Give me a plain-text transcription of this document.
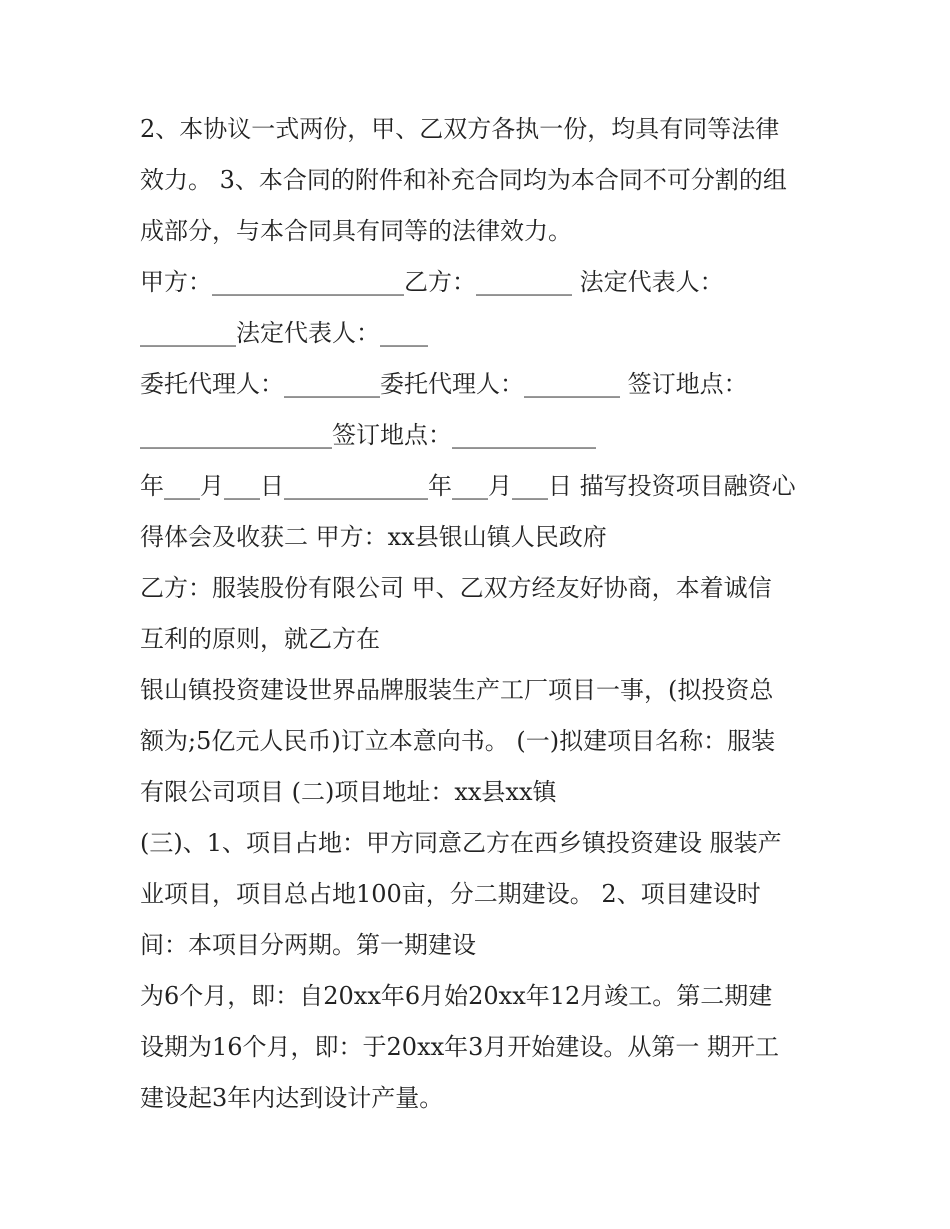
2、本协议一式两份，甲、乙双方各执一份，均具有同等法律
效力。 3、本合同的附件和补充合同均为本合同不可分割的组
成部分，与本合同具有同等的法律效力。
甲方：________________乙方：________ 法定代表人：
________法定代表人：____
委托代理人：________委托代理人：________ 签订地点：
________________签订地点：____________
年___月___日____________年___月___日 描写投资项目融资心
得体会及收获二 甲方：xx县银山镇人民政府
乙方：服装股份有限公司 甲、乙双方经友好协商，本着诚信
互利的原则，就乙方在
银山镇投资建设世界品牌服装生产工厂项目一事，(拟投资总
额为;5亿元人民币)订立本意向书。 (一)拟建项目名称：服装
有限公司项目 (二)项目地址：xx县xx镇
(三)、1、项目占地：甲方同意乙方在西乡镇投资建设 服装产
业项目，项目总占地100亩，分二期建设。 2、项目建设时
间：本项目分两期。第一期建设
为6个月，即：自20xx年6月始20xx年12月竣工。第二期建
设期为16个月，即：于20xx年3月开始建设。从第一 期开工
建设起3年内达到设计产量。
